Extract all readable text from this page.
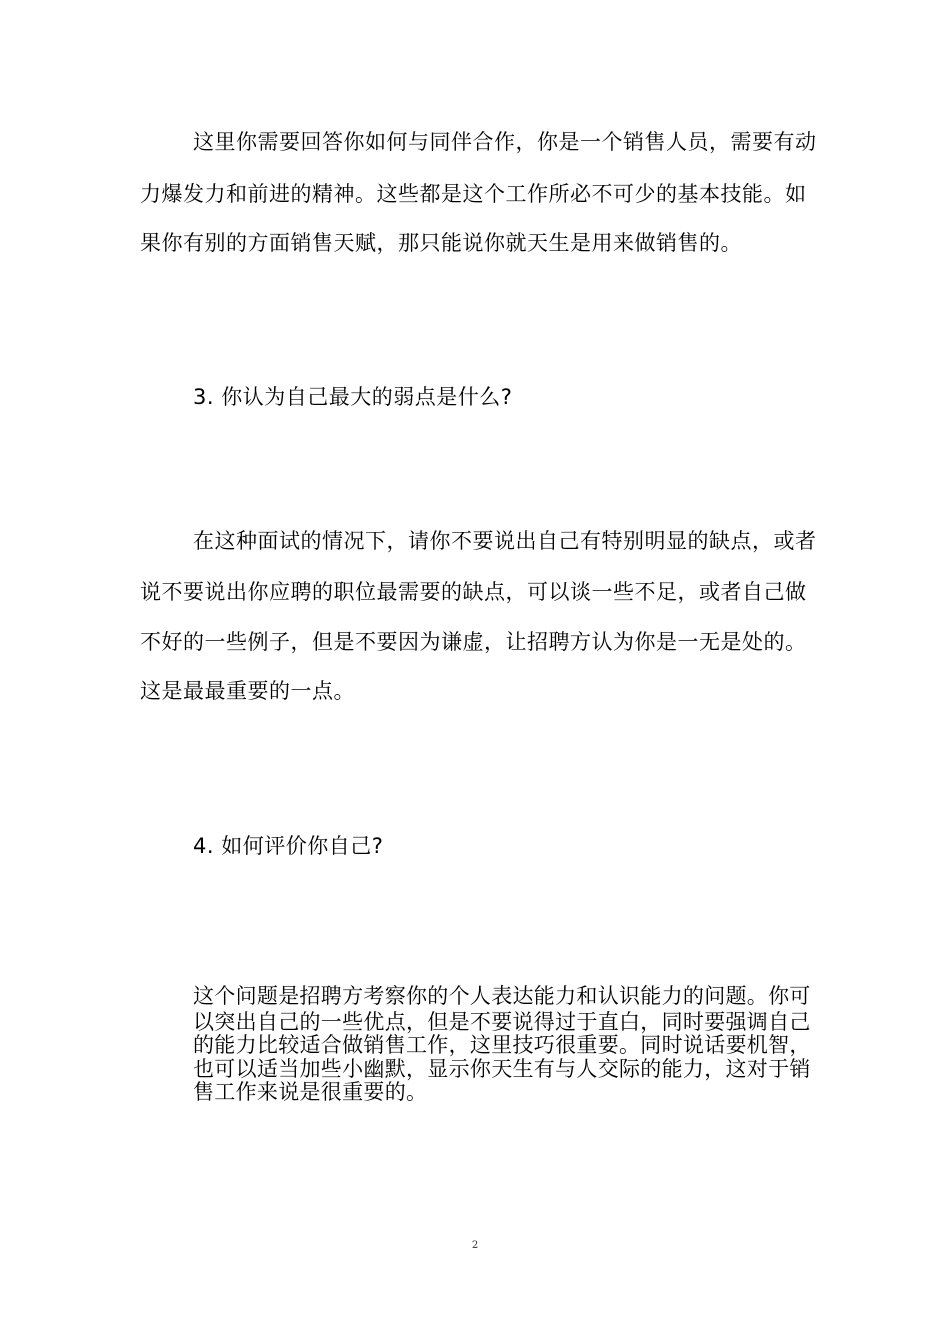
这里你需要回答你如何与同伴合作，你是一个销售人员，需要有动
力爆发力和前进的精神。这些都是这个工作所必不可少的基本技能。如
果你有别的方面销售天赋，那只能说你就天生是用来做销售的。
3. 你认为自己最大的弱点是什么?
在这种面试的情况下，请你不要说出自己有特别明显的缺点，或者
说不要说出你应聘的职位最需要的缺点，可以谈一些不足，或者自己做
不好的一些例子，但是不要因为谦虚，让招聘方认为你是一无是处的。
这是最最重要的一点。
4. 如何评价你自己?
这个问题是招聘方考察你的个人表达能力和认识能力的问题。你可
以突出自己的一些优点，但是不要说得过于直白，同时要强调自己
的能力比较适合做销售工作，这里技巧很重要。同时说话要机智，
也可以适当加些小幽默，显示你天生有与人交际的能力，这对于销
售工作来说是很重要的。
2
